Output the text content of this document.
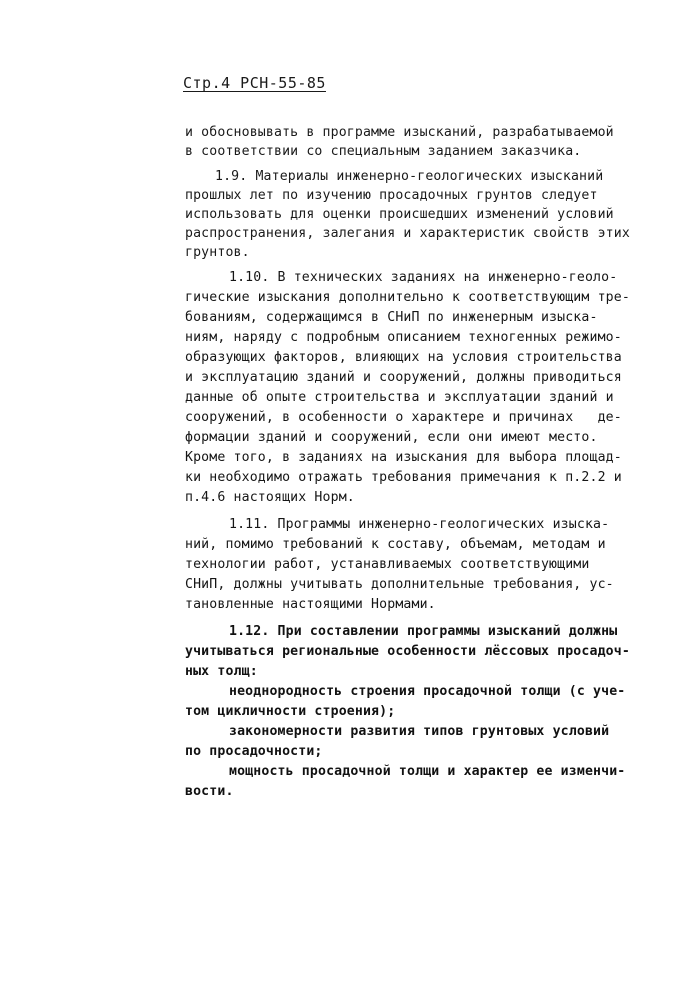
Стр.4 РСН-55-85
и обосновывать в программе изысканий, разрабатываемой
в соответствии со специальным заданием заказчика.
1.9. Материалы инженерно-геологических изысканий
прошлых лет по изучению просадочных грунтов следует
использовать для оценки происшедших изменений условий
распространения, залегания и характеристик свойств этих
грунтов.
1.10. В технических заданиях на инженерно-геоло-
гические изыскания дополнительно к соответствующим тре-
бованиям, содержащимся в СНиП по инженерным изыска-
ниям, наряду с подробным описанием техногенных режимо-
образующих факторов, влияющих на условия строительства
и эксплуатацию зданий и сооружений, должны приводиться
данные об опыте строительства и эксплуатации зданий и
сооружений, в особенности о характере и причинах   де-
формации зданий и сооружений, если они имеют место.
Кроме того, в заданиях на изыскания для выбора площад-
ки необходимо отражать требования примечания к п.2.2 и
п.4.6 настоящих Норм.
1.11. Программы инженерно-геологических изыска-
ний, помимо требований к составу, объемам, методам и
технологии работ, устанавливаемых соответствующими
СНиП, должны учитывать дополнительные требования, ус-
тановленные настоящими Нормами.
1.12. При составлении программы изысканий должны
учитываться региональные особенности лёссовых просадоч-
ных толщ:
неоднородность строения просадочной толщи (с уче-
том цикличности строения);
закономерности развития типов грунтовых условий
по просадочности;
мощность просадочной толщи и характер ее изменчи-
вости.
